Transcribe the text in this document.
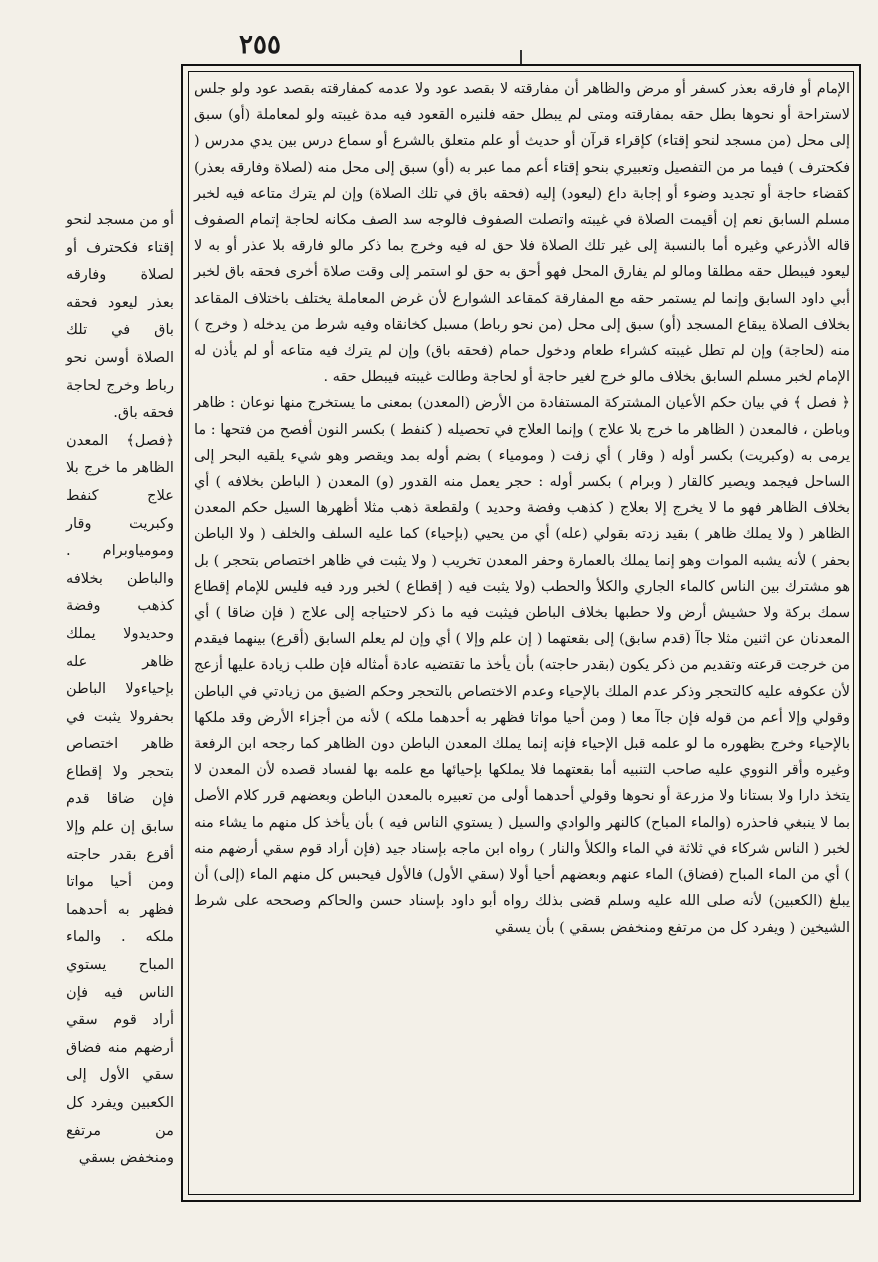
٢٥٥

الإمام أو فارقه بعذر كسفر أو مرض والظاهر أن مفارقته لا بقصد عود ولا عدمه كمفارقته بقصد عود ولو جلس لاستراحة أو نحوها بطل حقه بمفارقته ومتى لم يبطل حقه فلنيره القعود فيه مدة غيبته ولو لمعاملة (أو) سبق إلى محل (من مسجد لنحو إقتاء) كإقراء قرآن أو حديث أو علم متعلق بالشرع أو سماع درس بين يدي مدرس ( فكحترف ) فيما مر من التفصيل وتعبيري بنحو إقتاء أعم مما عبر به (أو) سبق إلى محل منه (لصلاة وفارقه بعذر) كقضاء حاجة أو تجديد وضوء أو إجابة داع (ليعود) إليه (فحقه باق في تلك الصلاة) وإن لم يترك متاعه فيه لخبر مسلم السابق نعم إن أقيمت الصلاة في غيبته واتصلت الصفوف فالوجه سد الصف مكانه لحاجة إتمام الصفوف قاله الأذرعي وغيره أما بالنسبة إلى غير تلك الصلاة فلا حق له فيه وخرج بما ذكر مالو فارقه بلا عذر أو به لا ليعود فيبطل حقه مطلقا ومالو لم يفارق المحل فهو أحق به حق لو استمر إلى وقت صلاة أخرى فحقه باق لخبر أبي داود السابق وإنما لم يستمر حقه مع المفارقة كمقاعد الشوارع لأن غرض المعاملة يختلف باختلاف المقاعد بخلاف الصلاة يبقاع المسجد (أو) سبق إلى محل (من نحو رباط) مسبل كخانقاه وفيه شرط من يدخله ( وخرج ) منه (لحاجة) وإن لم تطل غيبته كشراء طعام ودخول حمام (فحقه باق) وإن لم يترك فيه متاعه أو لم يأذن له الإمام لخبر مسلم السابق بخلاف مالو خرج لغير حاجة أو لحاجة وطالت غيبته فيبطل حقه .

﴿ فصل ﴾ في بيان حكم الأعيان المشتركة المستفادة من الأرض (المعدن) بمعنى ما يستخرج منها نوعان : ظاهر وباطن ، فالمعدن ( الظاهر ما خرج بلا علاج ) وإنما العلاج في تحصيله ( كنفط ) بكسر النون أفصح من فتحها : ما يرمى به (وكبريت) بكسر أوله ( وقار ) أي زفت ( ومومياء ) بضم أوله بمد ويقصر وهو شيء يلقيه البحر إلى الساحل فيجمد ويصير كالقار ( وبرام ) بكسر أوله : حجر يعمل منه القدور (و) المعدن ( الباطن بخلافه ) أي بخلاف الظاهر فهو ما لا يخرج إلا بعلاج ( كذهب وفضة وحديد ) ولقطعة ذهب مثلا أظهرها السيل حكم المعدن الظاهر ( ولا يملك ظاهر ) بقيد زدته بقولي (عله) أي من يحيي (بإحياء) كما عليه السلف والخلف ( ولا الباطن بحفر ) لأنه يشبه الموات وهو إنما يملك بالعمارة وحفر المعدن تخريب ( ولا يثبت في ظاهر اختصاص بتحجر ) بل هو مشترك بين الناس كالماء الجاري والكلأ والحطب (ولا يثبت فيه ( إقطاع ) لخبر ورد فيه فليس للإمام إقطاع سمك بركة ولا حشيش أرض ولا حطبها بخلاف الباطن فيثبت فيه ما ذكر لاحتياجه إلى علاج ( فإن ضاقا ) أي المعدنان عن اثنين مثلا جاآ (قدم سابق) إلى بقعتهما ( إن علم وإلا ) أي وإن لم يعلم السابق (أقرع) بينهما فيقدم من خرجت قرعته وتقديم من ذكر يكون (بقدر حاجته) بأن يأخذ ما تقتضيه عادة أمثاله فإن طلب زيادة عليها أزعج لأن عكوفه عليه كالتحجر وذكر عدم الملك بالإحياء وعدم الاختصاص بالتحجر وحكم الضيق من زيادتي في الباطن وقولي وإلا أعم من قوله فإن جاآ معا ( ومن أحيا مواتا فظهر به أحدهما ملكه ) لأنه من أجزاء الأرض وقد ملكها بالإحياء وخرج بظهوره ما لو علمه قبل الإحياء فإنه إنما يملك المعدن الباطن دون الظاهر كما رجحه ابن الرفعة وغيره وأقر النووي عليه صاحب التنبيه أما بقعتهما فلا يملكها بإحيائها مع علمه بها لفساد قصده لأن المعدن لا يتخذ دارا ولا بستانا ولا مزرعة أو نحوها وقولي أحدهما أولى من تعبيره بالمعدن الباطن وبعضهم قرر كلام الأصل بما لا ينبغي فاحذره (والماء المباح) كالنهر والوادي والسيل ( يستوي الناس فيه ) بأن يأخذ كل منهم ما يشاء منه لخبر ( الناس شركاء في ثلاثة في الماء والكلأ والنار ) رواه ابن ماجه بإسناد جيد (فإن أراد قوم سقي أرضهم منه ) أي من الماء المباح (فضاق) الماء عنهم وبعضهم أحيا أولا (سقي الأول) فالأول فيحبس كل منهم الماء (إلى) أن يبلغ (الكعبين) لأنه صلى الله عليه وسلم قضى بذلك رواه أبو داود بإسناد حسن والحاكم وصححه على شرط الشيخين ( ويفرد كل من مرتفع ومنخفض بسقي ) بأن يسقي

أو من مسجد لنحو إقتاء فكحترف أو لصلاة وفارقه بعذر ليعود فحقه باق في تلك الصلاة أوسن نحو رباط وخرج لحاجة فحقه باق.

﴿فصل﴾ المعدن الظاهر ما خرج بلا علاج كنفط وكبريت وقار ومومياوبرام . والباطن بخلافه كذهب وفضة وحديدولا يملك ظاهر عله بإحياءولا الباطن بحفرولا يثبت في ظاهر اختصاص بتحجر ولا إقطاع فإن ضاقا قدم سابق إن علم وإلا أقرع بقدر حاجته ومن أحيا مواتا فظهر به أحدهما ملكه . والماء المباح يستوي الناس فيه فإن أراد قوم سقي أرضهم منه فضاق سقي الأول إلى الكعبين ويفرد كل من مرتفع ومنخفض بسقي
